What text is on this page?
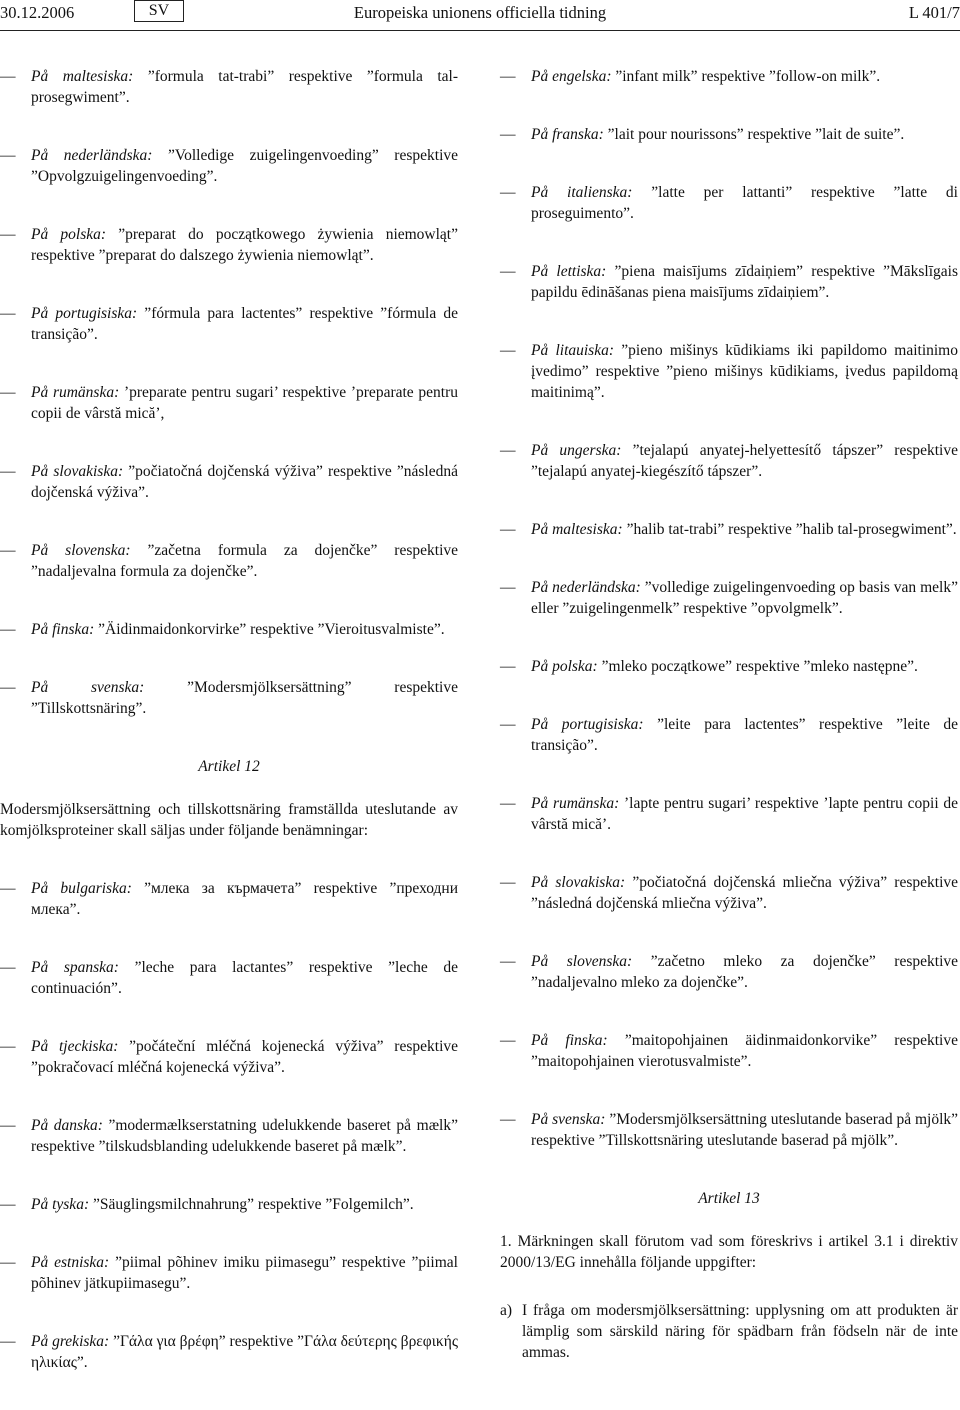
30.12.2006	SV	Europeiska unionens officiella tidning	L 401/7
— På maltesiska: ”formula tat-trabi” respektive ”formula tal-prosegwiment”.
— På nederländska: ”Volledige zuigelingenvoeding” respektive ”Opvolgzuigelingenvoeding”.
— På polska: ”preparat do początkowego żywienia niemowląt” respektive ”preparat do dalszego żywienia niemowląt”.
— På portugisiska: ”fórmula para lactentes” respektive ”fórmula de transição”.
— På rumänska: ’preparate pentru sugari’ respektive ’preparate pentru copii de vârstă mică’,
— På slovakiska: ”počiatočná dojčenská výživa” respektive ”následná dojčenská výživa”.
— På slovenska: ”začetna formula za dojenčke” respektive ”nadaljevalna formula za dojenčke”.
— På finska: ”Äidinmaidonkorvirke” respektive ”Vieroitusvalmiste”.
— På svenska: ”Modersmjölksersättning” respektive ”Tillskottsnäring”.
Artikel 12
Modersmjölksersättning och tillskottsnäring framställda uteslutande av komjölksproteiner skall säljas under följande benämningar:
— På bulgariska: ”млека за кърмачета” respektive ”преходни млека”.
— På spanska: ”leche para lactantes” respektive ”leche de continuación”.
— På tjeckiska: ”počáteční mléčná kojenecká výživa” respektive ”pokračovací mléčná kojenecká výživa”.
— På danska: ”modermælkserstatning udelukkende baseret på mælk” respektive ”tilskudsblanding udelukkende baseret på mælk”.
— På tyska: ”Säuglingsmilchnahrung” respektive ”Folgemilch”.
— På estniska: ”piimal põhinev imiku piimasegu” respektive ”piimal põhinev jätkupiimasegu”.
— På grekiska: ”Γάλα για βρέφη” respektive ”Γάλα δεύτερης βρεφικής ηλικίας”.
— På engelska: ”infant milk” respektive ”follow-on milk”.
— På franska: ”lait pour nourissons” respektive ”lait de suite”.
— På italienska: ”latte per lattanti” respektive ”latte di proseguimento”.
— På lettiska: ”piena maisījums zīdaiņiem” respektive ”Mākslīgais papildu ēdināšanas piena maisījums zīdaiņiem”.
— På litauiska: ”pieno mišinys kūdikiams iki papildomo maitinimo įvedimo” respektive ”pieno mišinys kūdikiams, įvedus papildomą maitinimą”.
— På ungerska: ”tejalapú anyatej-helyettesítő tápszer” respektive ”tejalapú anyatej-kiegészítő tápszer”.
— På maltesiska: ”halib tat-trabi” respektive ”halib tal-prosegwiment”.
— På nederländska: ”volledige zuigelingenvoeding op basis van melk” eller ”zuigelingenmelk” respektive ”opvolgmelk”.
— På polska: ”mleko początkowe” respektive ”mleko następne”.
— På portugisiska: ”leite para lactentes” respektive ”leite de transição”.
— På rumänska: ’lapte pentru sugari’ respektive ’lapte pentru copii de vârstă mică’.
— På slovakiska: ”počiatočná dojčenská mliečna výživa” respektive ”následná dojčenská mliečna výživa”.
— På slovenska: ”začetno mleko za dojenčke” respektive ”nadaljevalno mleko za dojenčke”.
— På finska: ”maitopohjainen äidinmaidonkorvike” respektive ”maitopohjainen vierotusvalmiste”.
— På svenska: ”Modersmjölksersättning uteslutande baserad på mjölk” respektive ”Tillskottsnäring uteslutande baserad på mjölk”.
Artikel 13
1. Märkningen skall förutom vad som föreskrivs i artikel 3.1 i direktiv 2000/13/EG innehålla följande uppgifter:
a) I fråga om modersmjölksersättning: upplysning om att produkten är lämplig som särskild näring för spädbarn från födseln när de inte ammas.
